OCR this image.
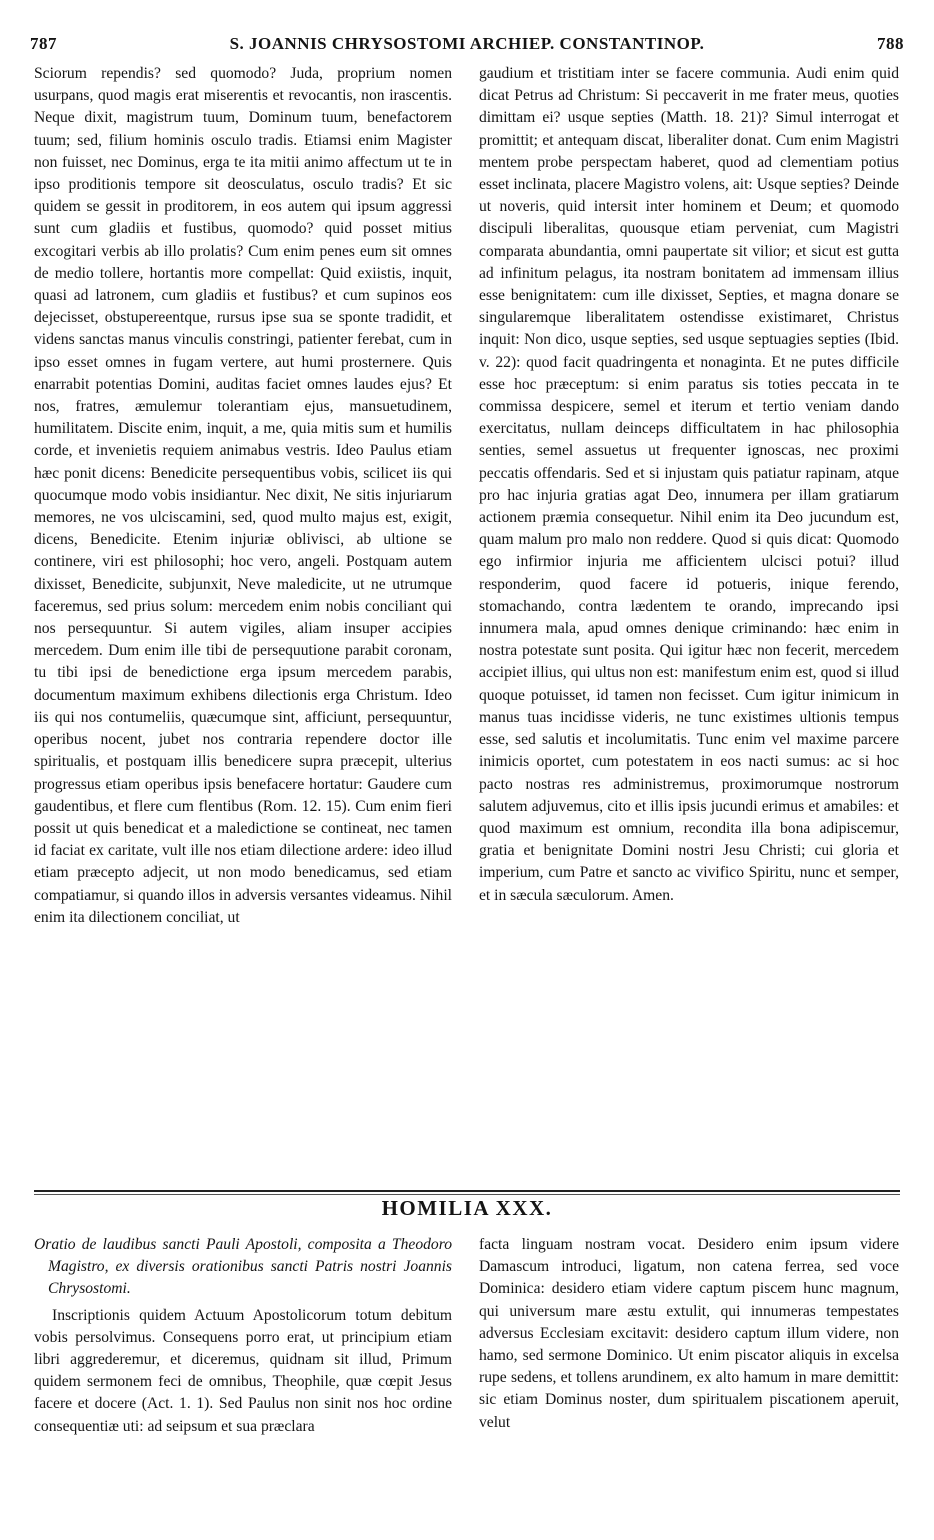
787	S. JOANNIS CHRYSOSTOMI ARCHIEP. CONSTANTINOP.	788

Sciorum rependis? sed quomodo? Juda, proprium nomen usurpans, quod magis erat miserentis et revocantis, non irascentis. Neque dixit, magistrum tuum, Dominum tuum, benefactorem tuum; sed, filium hominis osculo tradis. Etiamsi enim Magister non fuisset, nec Dominus, erga te ita mitii animo affectum ut te in ipso proditionis tempore sit deosculatus, osculo tradis? Et sic quidem se gessit in proditorem, in eos autem qui ipsum aggressi sunt cum gladiis et fustibus, quomodo? quid posset mitius excogitari verbis ab illo prolatis? Cum enim penes eum sit omnes de medio tollere, hortantis more compellat: Quid exiistis, inquit, quasi ad latronem, cum gladiis et fustibus? et cum supinos eos dejecisset, obstupereentque, rursus ipse sua se sponte tradidit, et videns sanctas manus vinculis constringi, patienter ferebat, cum in ipso esset omnes in fugam vertere, aut humi prosternere. Quis enarrabit potentias Domini, auditas faciet omnes laudes ejus? Et nos, fratres, æmulemur tolerantiam ejus, mansuetudinem, humilitatem. Discite enim, inquit, a me, quia mitis sum et humilis corde, et invenietis requiem animabus vestris. Ideo Paulus etiam hæc ponit dicens: Benedicite persequentibus vobis, scilicet iis qui quocumque modo vobis insidiantur. Nec dixit, Ne sitis injuriarum memores, ne vos ulciscamini, sed, quod multo majus est, exigit, dicens, Benedicite. Etenim injuriæ oblivisci, ab ultione se continere, viri est philosophi; hoc vero, angeli. Postquam autem dixisset, Benedicite, subjunxit, Neve maledicite, ut ne utrumque faceremus, sed prius solum: mercedem enim nobis conciliant qui nos persequuntur. Si autem vigiles, aliam insuper accipies mercedem. Dum enim ille tibi de persequutione parabit coronam, tu tibi ipsi de benedictione erga ipsum mercedem parabis, documentum maximum exhibens dilectionis erga Christum. Ideo iis qui nos contumeliis, quæcumque sint, afficiunt, persequuntur, operibus nocent, jubet nos contraria rependere doctor ille spiritualis, et postquam illis benedicere supra præcepit, ulterius progressus etiam operibus ipsis benefacere hortatur: Gaudere cum gaudentibus, et flere cum flentibus (Rom. 12. 15). Cum enim fieri possit ut quis benedicat et a maledictione se contineat, nec tamen id faciat ex caritate, vult ille nos etiam dilectione ardere: ideo illud etiam præcepto adjecit, ut non modo benedicamus, sed etiam compatiamur, si quando illos in adversis versantes videamus. Nihil enim ita dilectionem conciliat, ut

gaudium et tristitiam inter se facere communia. Audi enim quid dicat Petrus ad Christum: Si peccaverit in me frater meus, quoties dimittam ei? usque septies (Matth. 18. 21)? Simul interrogat et promittit; et antequam discat, liberaliter donat. Cum enim Magistri mentem probe perspectam haberet, quod ad clementiam potius esset inclinata, placere Magistro volens, ait: Usque septies? Deinde ut noveris, quid intersit inter hominem et Deum; et quomodo discipuli liberalitas, quousque etiam perveniat, cum Magistri comparata abundantia, omni paupertate sit vilior; et sicut est gutta ad infinitum pelagus, ita nostram bonitatem ad immensam illius esse benignitatem: cum ille dixisset, Septies, et magna donare se singularemque liberalitatem ostendisse existimaret, Christus inquit: Non dico, usque septies, sed usque septuagies septies (Ibid. v. 22): quod facit quadringenta et nonaginta. Et ne putes difficile esse hoc præceptum: si enim paratus sis toties peccata in te commissa despicere, semel et iterum et tertio veniam dando exercitatus, nullam deinceps difficultatem in hac philosophia senties, semel assuetus ut frequenter ignoscas, nec proximi peccatis offendaris. Sed et si injustam quis patiatur rapinam, atque pro hac injuria gratias agat Deo, innumera per illam gratiarum actionem præmia consequetur. Nihil enim ita Deo jucundum est, quam malum pro malo non reddere. Quod si quis dicat: Quomodo ego infirmior injuria me afficientem ulcisci potui? illud responderim, quod facere id potueris, inique ferendo, stomachando, contra lædentem te orando, imprecando ipsi innumera mala, apud omnes denique criminando: hæc enim in nostra potestate sunt posita. Qui igitur hæc non fecerit, mercedem accipiet illius, qui ultus non est: manifestum enim est, quod si illud quoque potuisset, id tamen non fecisset. Cum igitur inimicum in manus tuas incidisse videris, ne tunc existimes ultionis tempus esse, sed salutis et incolumitatis. Tunc enim vel maxime parcere inimicis oportet, cum potestatem in eos nacti sumus: ac si hoc pacto nostras res administremus, proximorumque nostrorum salutem adjuvemus, cito et illis ipsis jucundi erimus et amabiles: et quod maximum est omnium, recondita illa bona adipiscemur, gratia et benignitate Domini nostri Jesu Christi; cui gloria et imperium, cum Patre et sancto ac vivifico Spiritu, nunc et semper, et in sæcula sæculorum. Amen.

HOMILIA XXX.

Oratio de laudibus sancti Pauli Apostoli, composita a Theodoro Magistro, ex diversis orationibus sancti Patris nostri Joannis Chrysostomi.

Inscriptionis quidem Actuum Apostolicorum totum debitum vobis persolvimus. Consequens porro erat, ut principium etiam libri aggrederemur, et diceremus, quidnam sit illud, Primum quidem sermonem feci de omnibus, Theophile, quæ cœpit Jesus facere et docere (Act. 1. 1). Sed Paulus non sinit nos hoc ordine consequentiæ uti: ad seipsum et sua præclara

facta linguam nostram vocat. Desidero enim ipsum videre Damascum introduci, ligatum, non catena ferrea, sed voce Dominica: desidero etiam videre captum piscem hunc magnum, qui universum mare æstu extulit, qui innumeras tempestates adversus Ecclesiam excitavit: desidero captum illum videre, non hamo, sed sermone Dominico. Ut enim piscator aliquis in excelsa rupe sedens, et tollens arundinem, ex alto hamum in mare demittit: sic etiam Dominus noster, dum spiritualem piscationem aperuit, velut
